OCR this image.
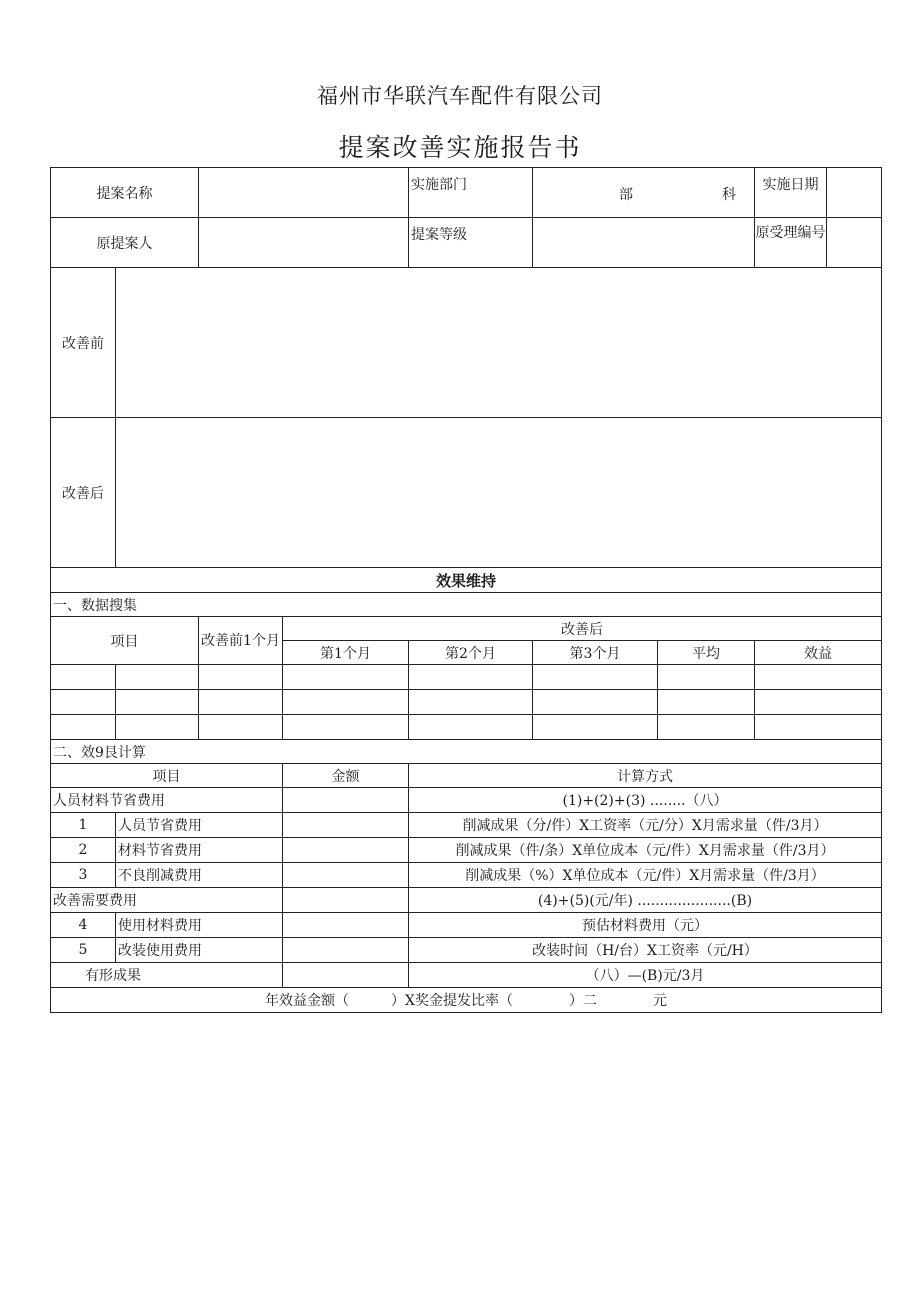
福州市华联汽车配件有限公司
提案改善实施报告书
提案名称				实施部门	部 科		实施日期

原提案人				提案等级			原受理编号

改善前							
改善后							
效果维持							
一、数据搜集							
项目		改善前1个月	改善后				
			第1个月	第2个月	第3个月	平均	效益

二、效9艮计算							
项目			金额	计算方式			
人员材料节省费用				(1)+(2)+(3) ........（八）			
1	人员节省费用			削减成果（分/件）X工资率（元/分）X月需求量（件/3月）			
2	材料节省费用			削减成果（件/条）X单位成本（元/件）X月需求量（件/3月）			
3	不良削减费用			削减成果（%）X单位成本（元/件）X月需求量（件/3月）			
改善需要费用				(4)+(5)(元/年) .....................(B)			
4	使用材料费用			预估材料费用（元）			
5	改装使用费用			改装时间（H/台）X工资率（元/H）			
有形成果				（八）—(B)元/3月			
年效益金额（　　　）X奖金提发比率（　　　　）二　　　　元							
